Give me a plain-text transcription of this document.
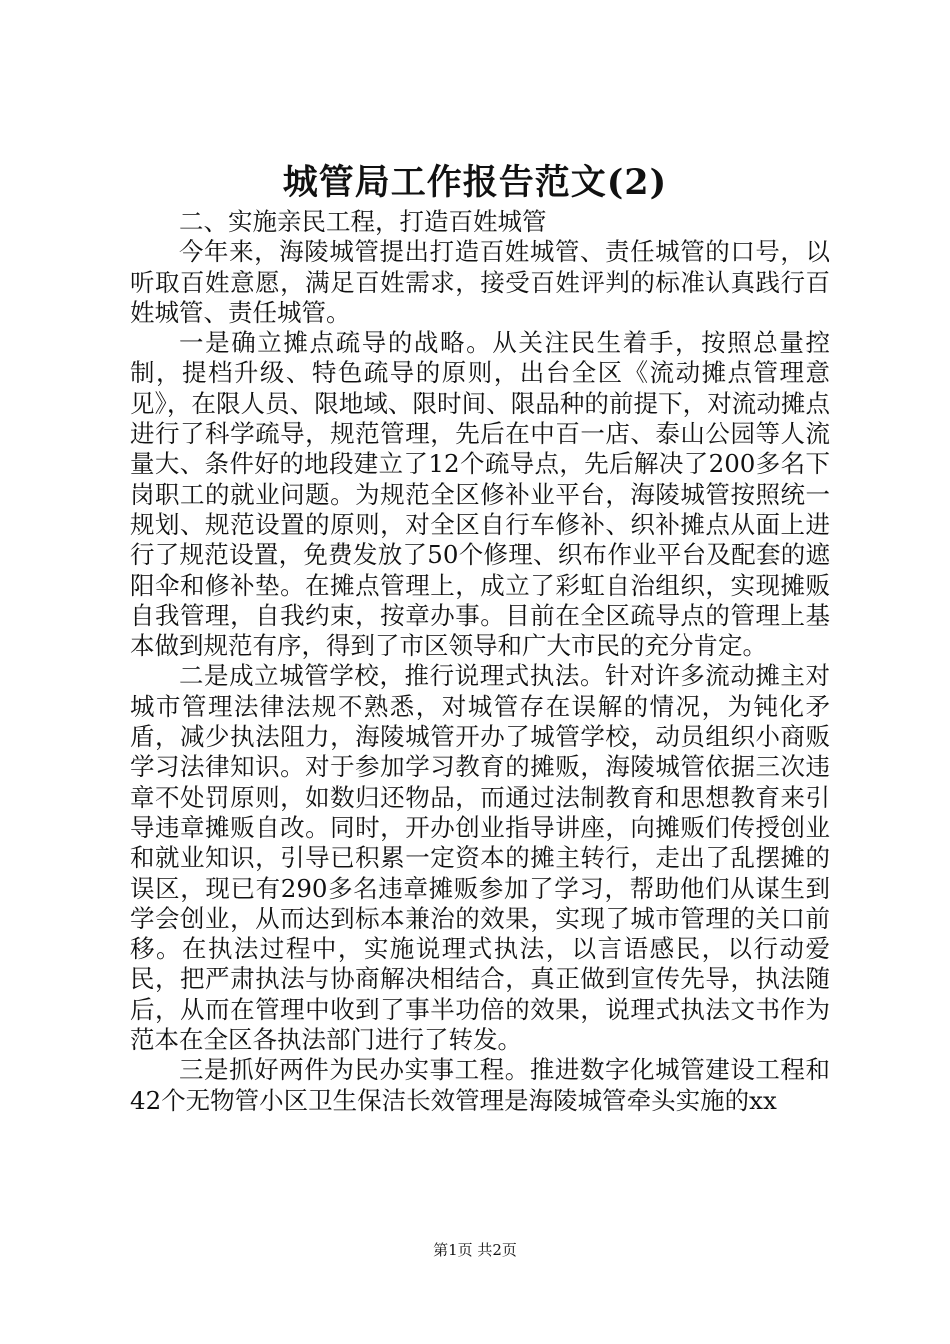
城管局工作报告范文(2)

二、实施亲民工程，打造百姓城管

今年来，海陵城管提出打造百姓城管、责任城管的口号，以听取百姓意愿，满足百姓需求，接受百姓评判的标准认真践行百姓城管、责任城管。

一是确立摊点疏导的战略。从关注民生着手，按照总量控制，提档升级、特色疏导的原则，出台全区《流动摊点管理意见》，在限人员、限地域、限时间、限品种的前提下，对流动摊点进行了科学疏导，规范管理，先后在中百一店、泰山公园等人流量大、条件好的地段建立了12个疏导点，先后解决了200多名下岗职工的就业问题。为规范全区修补业平台，海陵城管按照统一规划、规范设置的原则，对全区自行车修补、织补摊点从面上进行了规范设置，免费发放了50个修理、织布作业平台及配套的遮阳伞和修补垫。在摊点管理上，成立了彩虹自治组织，实现摊贩自我管理，自我约束，按章办事。目前在全区疏导点的管理上基本做到规范有序，得到了市区领导和广大市民的充分肯定。

二是成立城管学校，推行说理式执法。针对许多流动摊主对城市管理法律法规不熟悉，对城管存在误解的情况，为钝化矛盾，减少执法阻力，海陵城管开办了城管学校，动员组织小商贩学习法律知识。对于参加学习教育的摊贩，海陵城管依据三次违章不处罚原则，如数归还物品，而通过法制教育和思想教育来引导违章摊贩自改。同时，开办创业指导讲座，向摊贩们传授创业和就业知识，引导已积累一定资本的摊主转行，走出了乱摆摊的误区，现已有290多名违章摊贩参加了学习，帮助他们从谋生到学会创业，从而达到标本兼治的效果，实现了城市管理的关口前移。在执法过程中，实施说理式执法，以言语感民，以行动爱民，把严肃执法与协商解决相结合，真正做到宣传先导，执法随后，从而在管理中收到了事半功倍的效果，说理式执法文书作为范本在全区各执法部门进行了转发。

三是抓好两件为民办实事工程。推进数字化城管建设工程和42个无物管小区卫生保洁长效管理是海陵城管牵头实施的xx

第1页 共2页
